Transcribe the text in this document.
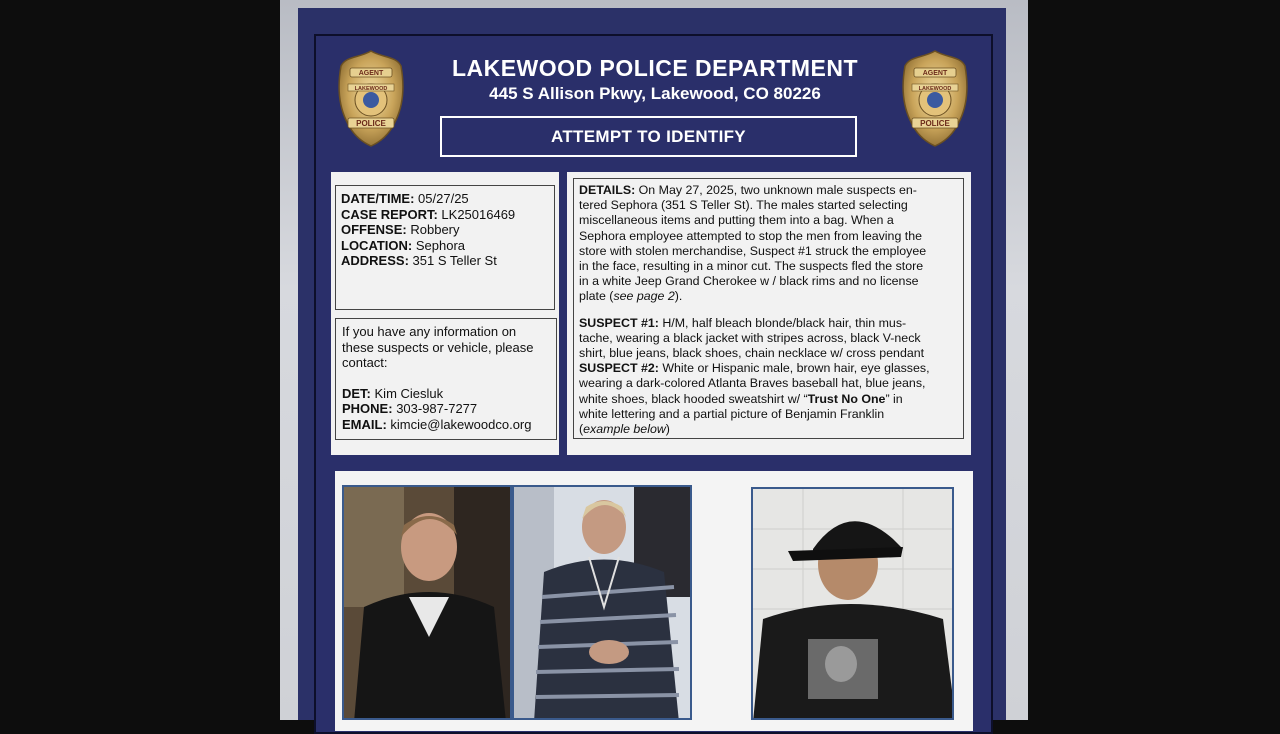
AGENT
LAKEWOOD
POLICE
AGENT
LAKEWOOD
POLICE
LAKEWOOD POLICE DEPARTMENT
445 S Allison Pkwy, Lakewood, CO 80226
ATTEMPT TO IDENTIFY
DATE/TIME: 05/27/25
CASE REPORT: LK25016469
OFFENSE: Robbery
LOCATION: Sephora
ADDRESS: 351 S Teller St
If you have any information on
these suspects or vehicle, please
contact:
DET: Kim Ciesluk
PHONE: 303-987-7277
EMAIL: kimcie@lakewoodco.org

DETAILS: On May 27, 2025, two unknown male suspects en-

tered Sephora (351 S Teller St). The males started selecting

miscellaneous items and putting them into a bag. When a

Sephora employee attempted to stop the men from leaving the

store with stolen merchandise, Suspect #1 struck the employee

in the face, resulting in a minor cut. The suspects fled the store

in a white Jeep Grand Cherokee w / black rims and no license

plate (see page 2).

SUSPECT #1: H/M, half bleach blonde/black hair, thin mus-

tache, wearing a black jacket with stripes across, black V-neck

shirt, blue jeans, black shoes, chain necklace w/ cross pendant

SUSPECT #2: White or Hispanic male, brown hair, eye glasses,

wearing a dark-colored Atlanta Braves baseball hat, blue jeans,

white shoes, black hooded sweatshirt w/ “Trust No One” in

white lettering and a partial picture of Benjamin Franklin

(example below)
